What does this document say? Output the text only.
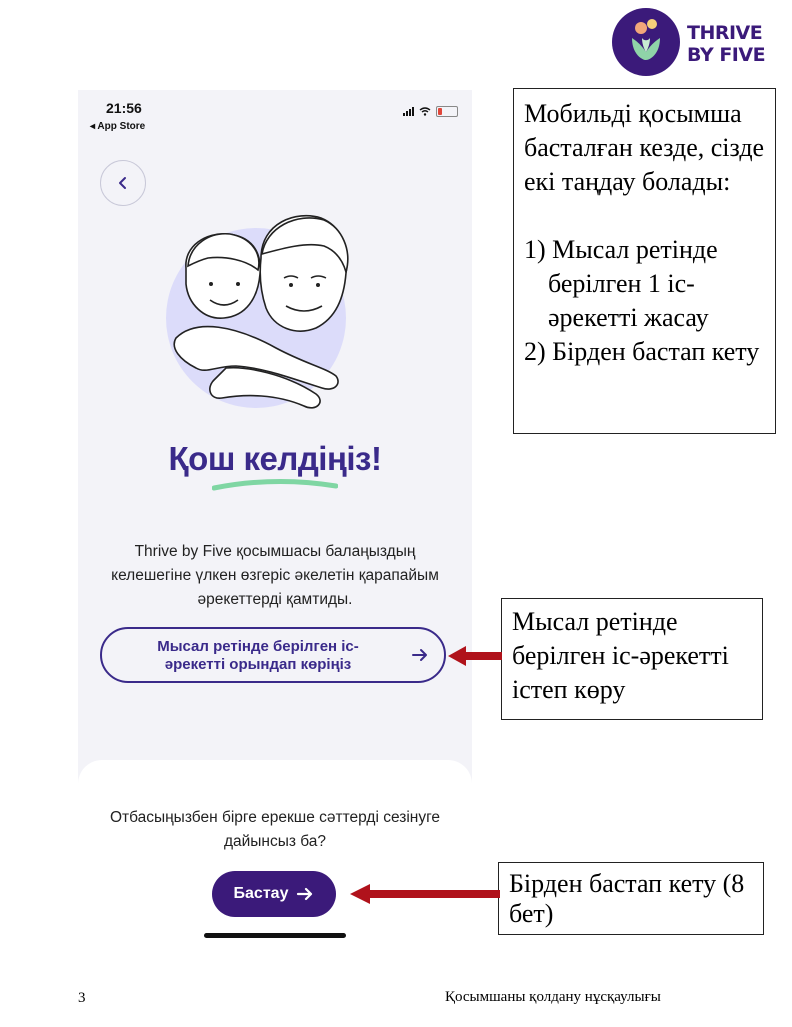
THRIVE
BY FIVE
21:56
◂ App Store
Қош келдіңіз!
Thrive by Five қосымшасы балаңыздың келешегіне үлкен өзгеріс әкелетін қарапайым әрекеттерді қамтиды.
Мысал ретінде берілген іс-әрекетті орындап көріңіз
Отбасыңызбен бірге ерекше сәттерді сезінуге дайынсыз ба?
Бастау

Мобильді қосымша басталған кезде, сізде екі таңдау болады:

1) Мысал ретінде берілген 1 іс-әрекетті жасау

2) Бірден бастап кету

Мысал ретінде берілген іс-әрекетті істеп көру
Бірден бастап кету (8 бет)
3	Қосымшаны қолдану нұсқаулығы
